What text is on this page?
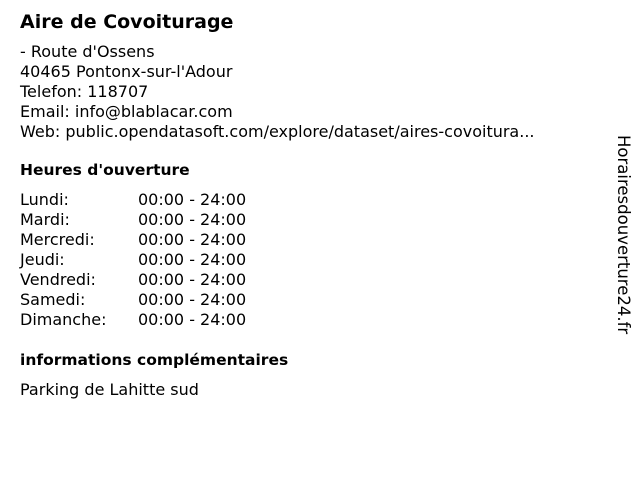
Aire de Covoiturage
- Route d'Ossens
40465 Pontonx-sur-l'Adour
Telefon: 118707
Email: info@blablacar.com
Web: public.opendatasoft.com/explore/dataset/aires-covoitura...
Heures d'ouverture
Lundi:	00:00 - 24:00
Mardi:	00:00 - 24:00
Mercredi:	00:00 - 24:00
Jeudi:	00:00 - 24:00
Vendredi:	00:00 - 24:00
Samedi:	00:00 - 24:00
Dimanche:	00:00 - 24:00
informations complémentaires
Parking de Lahitte sud
Horairesdouverture24.fr
